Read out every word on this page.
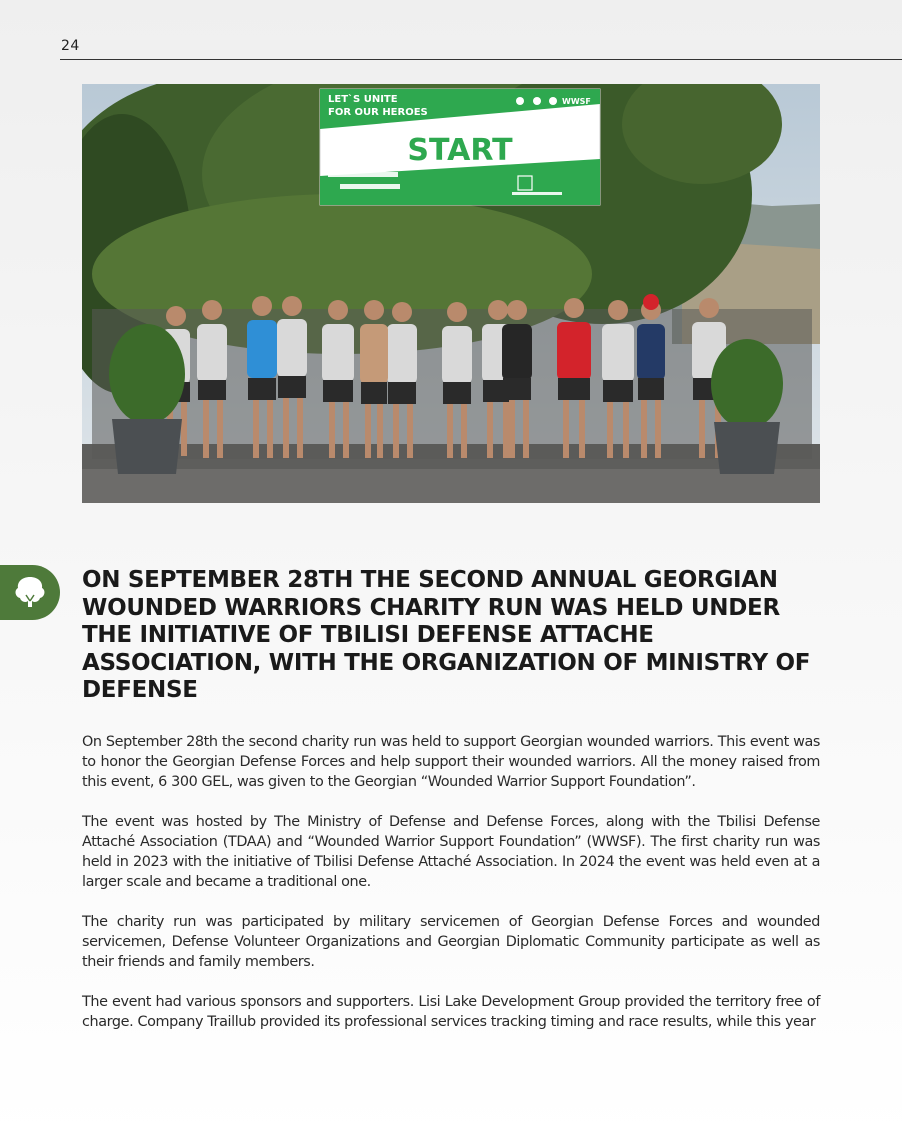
24
LET`S UNITE
FOR OUR HEROES
START
WWSF
ON SEPTEMBER 28TH THE SECOND ANNUAL GEORGIAN WOUNDED WARRIORS CHARITY RUN WAS HELD UNDER THE INITIATIVE OF TBILISI DEFENSE ATTACHE ASSOCIATION, WITH THE ORGANIZATION OF MINISTRY OF DEFENSE

On September 28th the second charity run was held to support Georgian wounded warriors. This event was to honor the Georgian Defense Forces and help support their wounded warriors. All the money raised from this event, 6 300 GEL, was given to the Georgian “Wounded Warrior Support Foundation”.

The event was hosted by The Ministry of Defense and Defense Forces, along with the Tbilisi Defense Attaché Association (TDAA) and “Wounded Warrior Support Foundation” (WWSF). The first charity run was held in 2023 with the initiative of Tbilisi Defense Attaché Association. In 2024 the event was held even at a larger scale and became a traditional one.

The charity run was participated by military servicemen of Georgian Defense Forces and wounded servicemen, Defense Volunteer Organizations and Georgian Diplomatic Community participate as well as their friends and family members.

The event had various sponsors and supporters. Lisi Lake Development Group provided the territory free of charge. Company Traillub provided its professional services tracking timing and race results, while this year
